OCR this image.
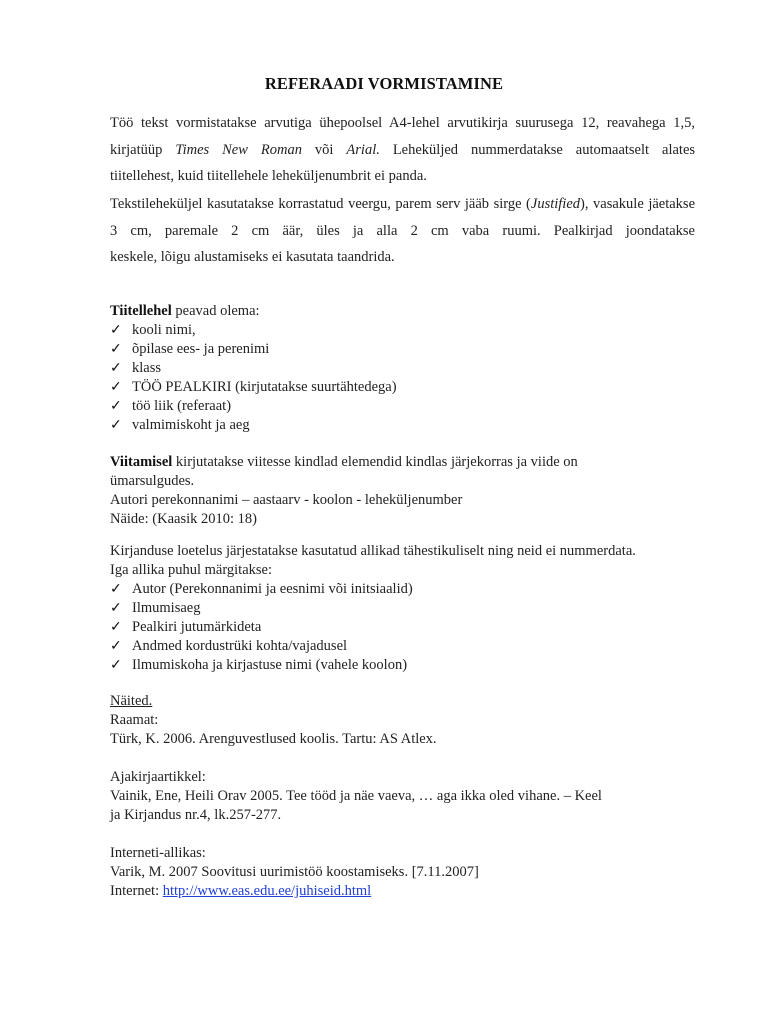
REFERAADI VORMISTAMINE
Töö tekst vormistatakse arvutiga ühepoolsel A4-lehel arvutikirja suurusega 12, reavahega 1,5, kirjatüüp Times New Roman või Arial. Leheküljed nummerdatakse automaatselt alates
tiitellehest, kuid tiitellehele leheküljenumbrit ei panda.
Tekstileheküljel kasutatakse korrastatud veergu, parem serv jääb sirge (Justified), vasakule jäetakse 3 cm, paremale 2 cm äär, üles ja alla 2 cm vaba ruumi. Pealkirjad joondatakse
keskele, lõigu alustamiseks ei kasutata taandrida.
Tiitellehel peavad olema:
✓ kooli nimi,
✓ õpilase ees- ja perenimi
✓ klass
✓ TÖÖ PEALKIRI (kirjutatakse suurtähtedega)
✓ töö liik (referaat)
✓ valmimiskoht ja aeg
Viitamisel kirjutatakse viitesse kindlad elemendid kindlas järjekorras ja viide on
ümarsulgudes.
Autori perekonnanimi – aastaarv - koolon - leheküljenumber
Näide: (Kaasik 2010: 18)
Kirjanduse loetelus järjestatakse kasutatud allikad tähestikuliselt ning neid ei nummerdata.
Iga allika puhul märgitakse:
✓ Autor (Perekonnanimi ja eesnimi või initsiaalid)
✓ Ilmumisaeg
✓ Pealkiri jutumärkideta
✓ Andmed kordustrüki kohta/vajadusel
✓ Ilmumiskoha ja kirjastuse nimi (vahele koolon)
Näited.
Raamat:
Türk, K. 2006. Arenguvestlused koolis. Tartu: AS Atlex.
Ajakirjaartikkel:
Vainik, Ene, Heili Orav 2005. Tee tööd ja näe vaeva, … aga ikka oled vihane. – Keel
ja Kirjandus nr.4, lk.257-277.
Interneti-allikas:
Varik, M. 2007 Soovitusi uurimistöö koostamiseks. [7.11.2007]
Internet: http://www.eas.edu.ee/juhiseid.html
